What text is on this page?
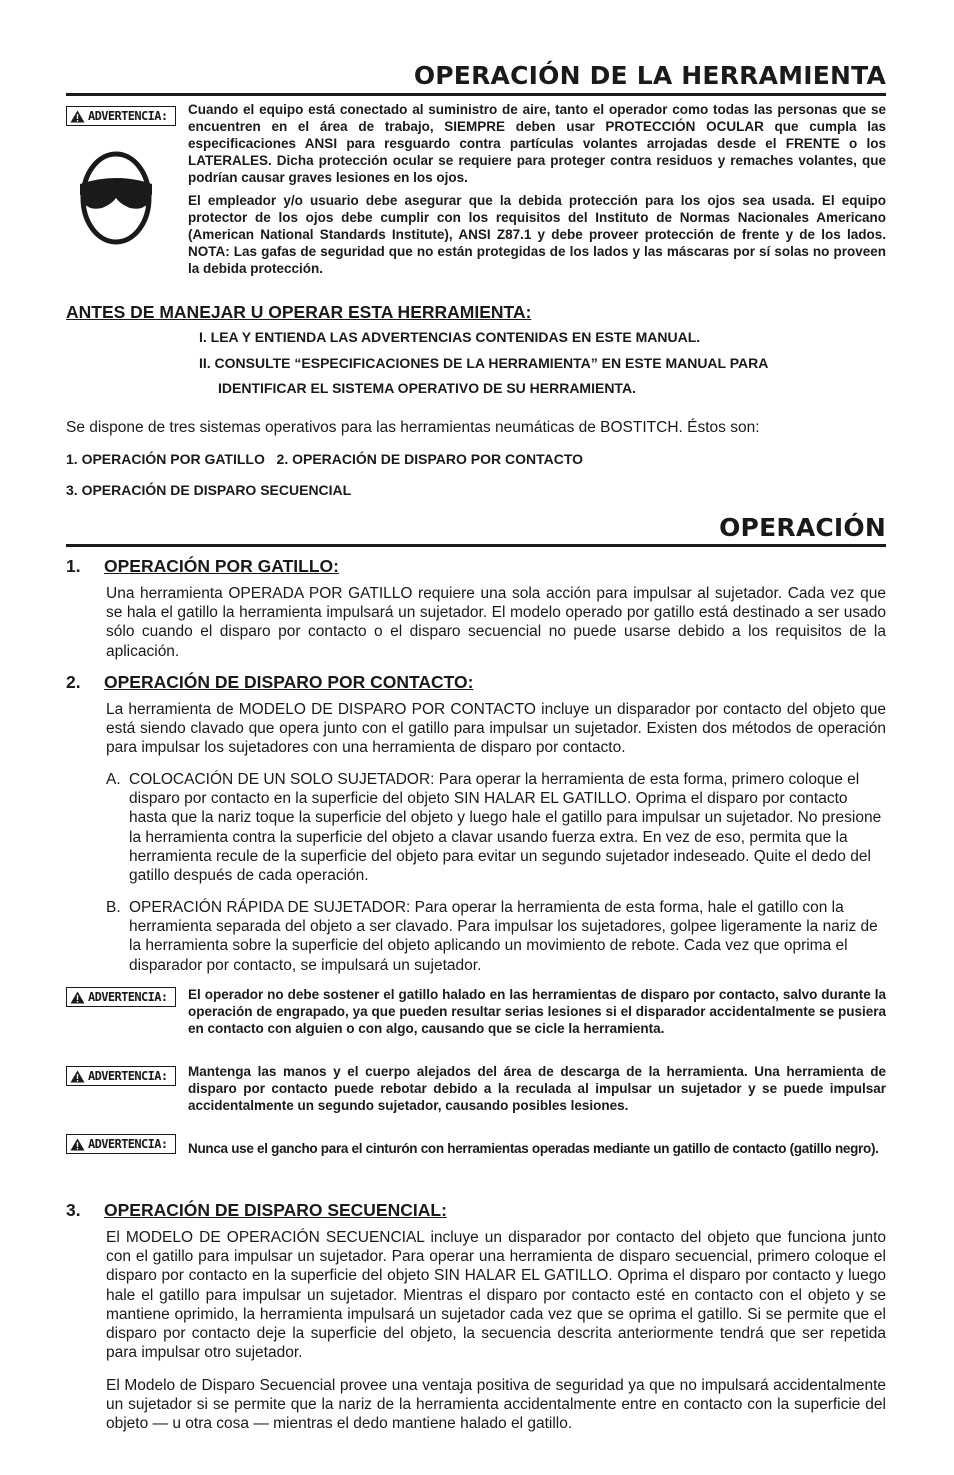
OPERACIÓN DE LA HERRAMIENTA
ADVERTENCIA: Cuando el equipo está conectado al suministro de aire, tanto el operador como todas las personas que se encuentren en el área de trabajo, SIEMPRE deben usar PROTECCIÓN OCULAR que cumpla las especificaciones ANSI para resguardo contra partículas volantes arrojadas desde el FRENTE o los LATERALES. Dicha protección ocular se requiere para proteger contra residuos y remaches volantes, que podrían causar graves lesiones en los ojos.

El empleador y/o usuario debe asegurar que la debida protección para los ojos sea usada. El equipo protector de los ojos debe cumplir con los requisitos del Instituto de Normas Nacionales Americano (American National Standards Institute), ANSI Z87.1 y debe proveer protección de frente y de los lados. NOTA: Las gafas de seguridad que no están protegidas de los lados y las máscaras por sí solas no proveen la debida protección.

ANTES DE MANEJAR U OPERAR ESTA HERRAMIENTA:
I. LEA Y ENTIENDA LAS ADVERTENCIAS CONTENIDAS EN ESTE MANUAL.
II. CONSULTE “ESPECIFICACIONES DE LA HERRAMIENTA” EN ESTE MANUAL PARA
IDENTIFICAR EL SISTEMA OPERATIVO DE SU HERRAMIENTA.
Se dispone de tres sistemas operativos para las herramientas neumáticas de BOSTITCH. Éstos son:
1. OPERACIÓN POR GATILLO   2. OPERACIÓN DE DISPARO POR CONTACTO
3. OPERACIÓN DE DISPARO SECUENCIAL
OPERACIÓN
1. OPERACIÓN POR GATILLO:
Una herramienta OPERADA POR GATILLO requiere una sola acción para impulsar al sujetador. Cada vez que se hala el gatillo la herramienta impulsará un sujetador. El modelo operado por gatillo está destinado a ser usado sólo cuando el disparo por contacto o el disparo secuencial no puede usarse debido a los requisitos de la aplicación.
2. OPERACIÓN DE DISPARO POR CONTACTO:
La herramienta de MODELO DE DISPARO POR CONTACTO incluye un disparador por contacto del objeto que está siendo clavado que opera junto con el gatillo para impulsar un sujetador. Existen dos métodos de operación para impulsar los sujetadores con una herramienta de disparo por contacto.
A. COLOCACIÓN DE UN SOLO SUJETADOR: Para operar la herramienta de esta forma, primero coloque el disparo por contacto en la superficie del objeto SIN HALAR EL GATILLO. Oprima el disparo por contacto hasta que la nariz toque la superficie del objeto y luego hale el gatillo para impulsar un sujetador. No presione la herramienta contra la superficie del objeto a clavar usando fuerza extra. En vez de eso, permita que la herramienta recule de la superficie del objeto para evitar un segundo sujetador indeseado. Quite el dedo del gatillo después de cada operación.
B. OPERACIÓN RÁPIDA DE SUJETADOR: Para operar la herramienta de esta forma, hale el gatillo con la herramienta separada del objeto a ser clavado. Para impulsar los sujetadores, golpee ligeramente la nariz de la herramienta sobre la superficie del objeto aplicando un movimiento de rebote. Cada vez que oprima el disparador por contacto, se impulsará un sujetador.
ADVERTENCIA: El operador no debe sostener el gatillo halado en las herramientas de disparo por contacto, salvo durante la operación de engrapado, ya que pueden resultar serias lesiones si el disparador accidentalmente se pusiera en contacto con alguien o con algo, causando que se cicle la herramienta.
ADVERTENCIA: Mantenga las manos y el cuerpo alejados del área de descarga de la herramienta. Una herramienta de disparo por contacto puede rebotar debido a la reculada al impulsar un sujetador y se puede impulsar accidentalmente un segundo sujetador, causando posibles lesiones.
ADVERTENCIA: Nunca use el gancho para el cinturón con herramientas operadas mediante un gatillo de contacto (gatillo negro).
3. OPERACIÓN DE DISPARO SECUENCIAL:
El MODELO DE OPERACIÓN SECUENCIAL incluye un disparador por contacto del objeto que funciona junto con el gatillo para impulsar un sujetador. Para operar una herramienta de disparo secuencial, primero coloque el disparo por contacto en la superficie del objeto SIN HALAR EL GATILLO. Oprima el disparo por contacto y luego hale el gatillo para impulsar un sujetador. Mientras el disparo por contacto esté en contacto con el objeto y se mantiene oprimido, la herramienta impulsará un sujetador cada vez que se oprima el gatillo. Si se permite que el disparo por contacto deje la superficie del objeto, la secuencia descrita anteriormente tendrá que ser repetida para impulsar otro sujetador.
El Modelo de Disparo Secuencial provee una ventaja positiva de seguridad ya que no impulsará accidentalmente un sujetador si se permite que la nariz de la herramienta accidentalmente entre en contacto con la superficie del objeto — u otra cosa — mientras el dedo mantiene halado el gatillo.
